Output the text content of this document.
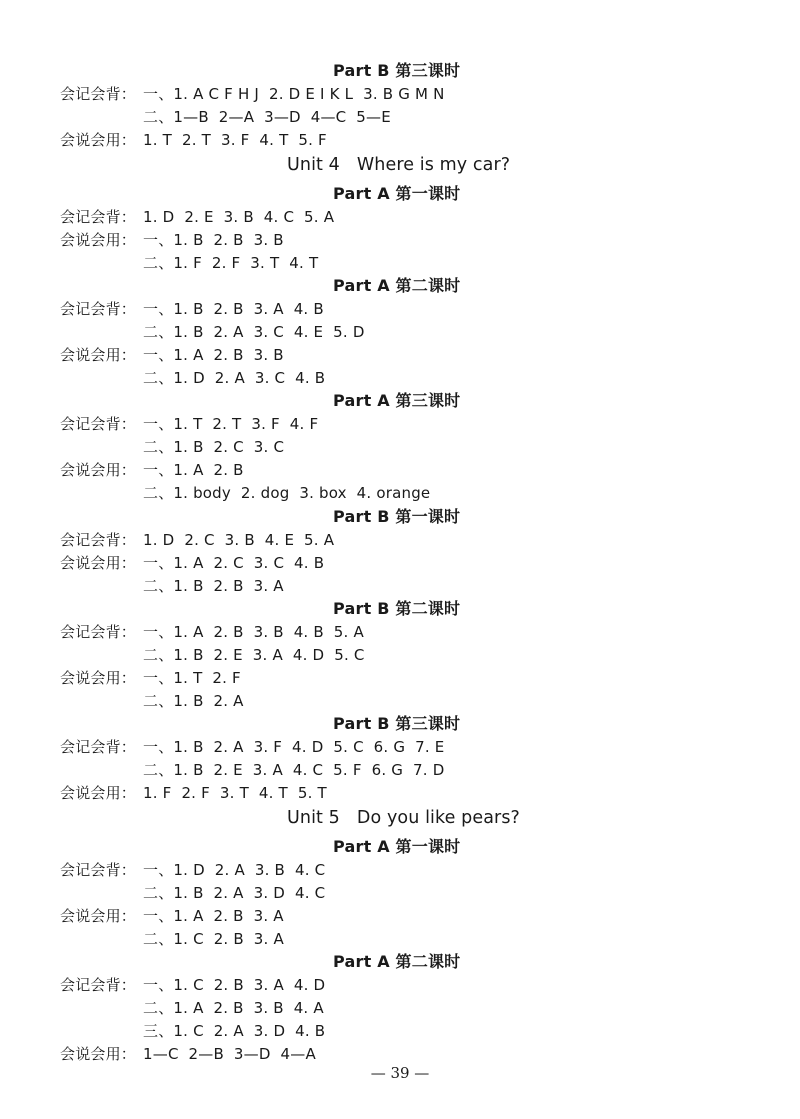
Part B 第三课时
会记会背： 一、1. A C F H J  2. D E I K L  3. B G M N
二、1—B  2—A  3—D  4—C  5—E
会说会用： 1. T  2. T  3. F  4. T  5. F
Unit 4   Where is my car?
Part A 第一课时
会记会背： 1. D  2. E  3. B  4. C  5. A
会说会用： 一、1. B  2. B  3. B
二、1. F  2. F  3. T  4. T
Part A 第二课时
会记会背： 一、1. B  2. B  3. A  4. B
二、1. B  2. A  3. C  4. E  5. D
会说会用： 一、1. A  2. B  3. B
二、1. D  2. A  3. C  4. B
Part A 第三课时
会记会背： 一、1. T  2. T  3. F  4. F
二、1. B  2. C  3. C
会说会用： 一、1. A  2. B
二、1. body  2. dog  3. box  4. orange
Part B 第一课时
会记会背： 1. D  2. C  3. B  4. E  5. A
会说会用： 一、1. A  2. C  3. C  4. B
二、1. B  2. B  3. A
Part B 第二课时
会记会背： 一、1. A  2. B  3. B  4. B  5. A
二、1. B  2. E  3. A  4. D  5. C
会说会用： 一、1. T  2. F
二、1. B  2. A
Part B 第三课时
会记会背： 一、1. B  2. A  3. F  4. D  5. C  6. G  7. E
二、1. B  2. E  3. A  4. C  5. F  6. G  7. D
会说会用： 1. F  2. F  3. T  4. T  5. T
Unit 5   Do you like pears?
Part A 第一课时
会记会背： 一、1. D  2. A  3. B  4. C
二、1. B  2. A  3. D  4. C
会说会用： 一、1. A  2. B  3. A
二、1. C  2. B  3. A
Part A 第二课时
会记会背： 一、1. C  2. B  3. A  4. D
二、1. A  2. B  3. B  4. A
三、1. C  2. A  3. D  4. B
会说会用： 1—C  2—B  3—D  4—A
— 39 —
